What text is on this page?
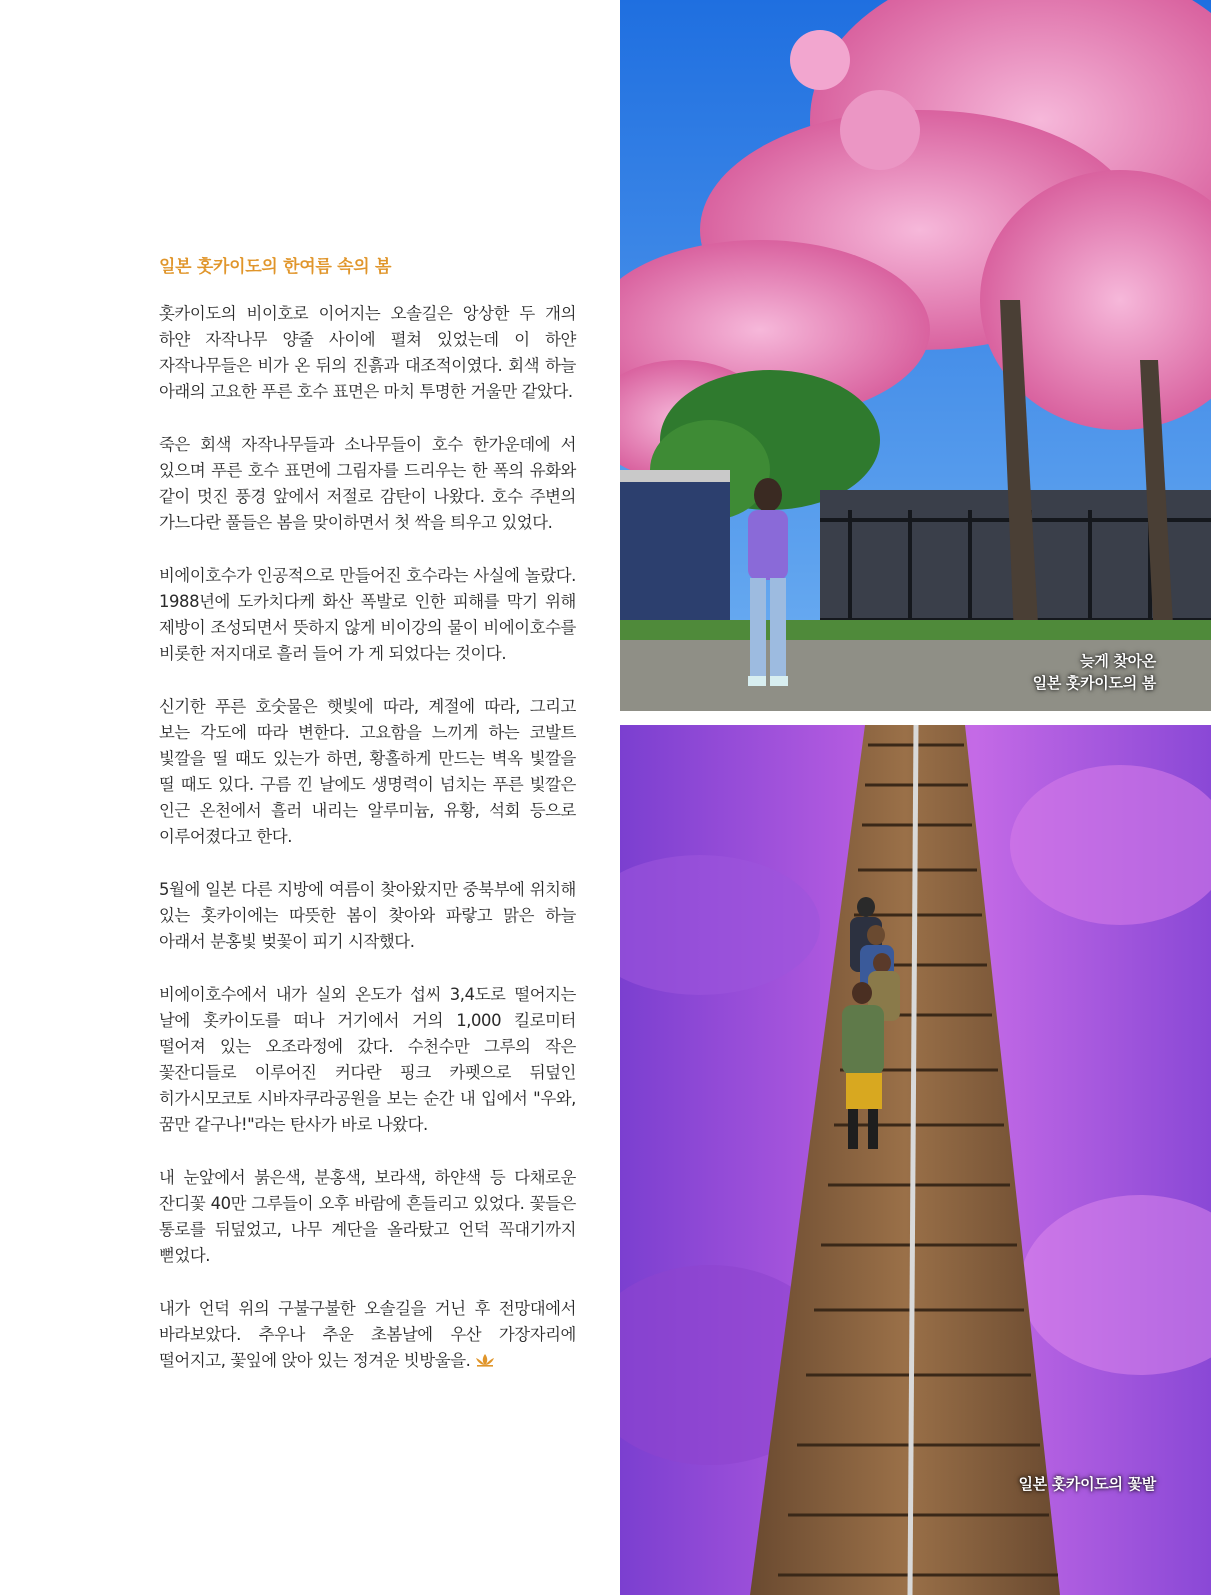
일본 홋카이도의 한여름 속의 봄

홋카이도의 비이호로 이어지는 오솔길은 앙상한 두 개의 하얀 자작나무 양줄 사이에 펼쳐 있었는데 이 하얀 자작나무들은 비가 온 뒤의 진흙과 대조적이였다. 회색 하늘 아래의 고요한 푸른 호수 표면은 마치 투명한 거울만 같았다.

죽은 회색 자작나무들과 소나무들이 호수 한가운데에 서 있으며 푸른 호수 표면에 그림자를 드리우는 한 폭의 유화와 같이 멋진 풍경 앞에서 저절로 감탄이 나왔다. 호수 주변의 가느다란 풀들은 봄을 맞이하면서 첫 싹을 틔우고 있었다.

비에이호수가 인공적으로 만들어진 호수라는 사실에 놀랐다. 1988년에 도카치다케 화산 폭발로 인한 피해를 막기 위해 제방이 조성되면서 뜻하지 않게 비이강의 물이 비에이호수를 비롯한 저지대로 흘러 들어 가 게 되었다는 것이다.

신기한 푸른 호숫물은 햇빛에 따라, 계절에 따라, 그리고 보는 각도에 따라 변한다. 고요함을 느끼게 하는 코발트 빛깔을 띨 때도 있는가 하면, 황홀하게 만드는 벽옥 빛깔을 띨 때도 있다. 구름 낀 날에도 생명력이 넘치는 푸른 빛깔은 인근 온천에서 흘러 내리는 알루미늄, 유황, 석회 등으로 이루어졌다고 한다.

5월에 일본 다른 지방에 여름이 찾아왔지만 중북부에 위치해 있는 홋카이에는 따뜻한 봄이 찾아와 파랗고 맑은 하늘 아래서 분홍빛 벚꽃이 피기 시작했다.

비에이호수에서 내가 실외 온도가 섭씨 3,4도로 떨어지는 날에 홋카이도를 떠나 거기에서 거의 1,000 킬로미터 떨어져 있는 오조라정에 갔다. 수천수만 그루의 작은 꽃잔디들로 이루어진 커다란 핑크 카펫으로 뒤덮인 히가시모코토 시바자쿠라공원을 보는 순간 내 입에서 "우와, 꿈만 같구나!"라는 탄사가 바로 나왔다.

내 눈앞에서 붉은색, 분홍색, 보라색, 하얀색 등 다채로운 잔디꽃 40만 그루들이 오후 바람에 흔들리고 있었다. 꽃들은 통로를 뒤덮었고, 나무 계단을 올라탔고 언덕 꼭대기까지 뻗었다.

내가 언덕 위의 구불구불한 오솔길을 거닌 후 전망대에서 바라보았다. 추우나 추운 초봄날에 우산 가장자리에 떨어지고, 꽃잎에 앉아 있는 정겨운 빗방울을.

늦게 찾아온
일본 홋카이도의 봄
일본 홋카이도의 꽃밭
